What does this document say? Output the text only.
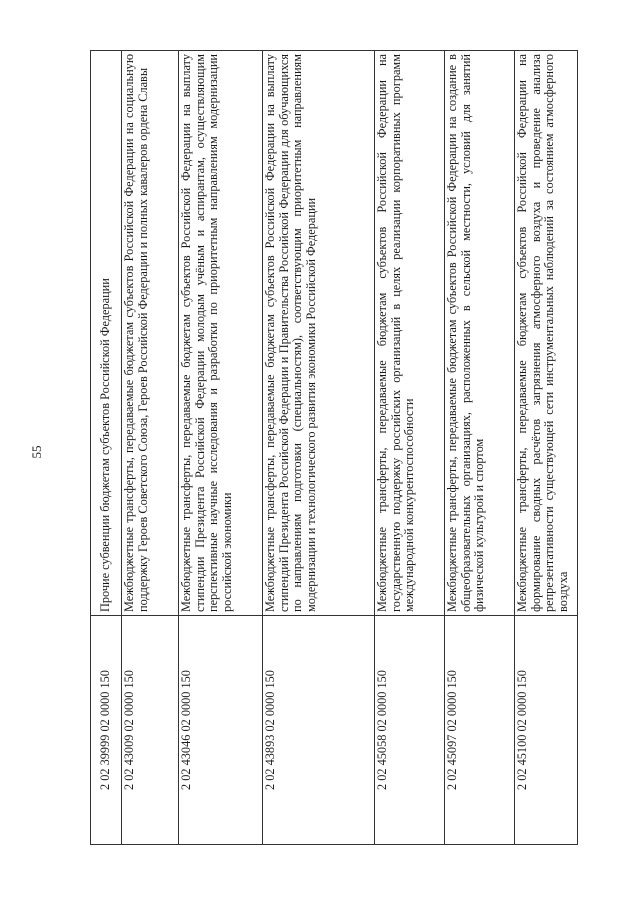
55
2 02 39999 02 0000 150	Прочие субвенции бюджетам субъектов Российской Федерации
2 02 43009 02 0000 150	Межбюджетные трансферты, передаваемые бюджетам субъектов Российской Федерации на социальную поддержку Героев Советского Союза, Героев Российской Федерации и полных кавалеров ордена Славы
2 02 43046 02 0000 150	Межбюджетные трансферты, передаваемые бюджетам субъектов Российской Федерации на выплату стипендии Президента Российской Федерации молодым учёным и аспирантам, осуществляющим перспективные научные исследования и разработки по приоритетным направлениям модернизации российской экономики
2 02 43893 02 0000 150	Межбюджетные трансферты, передаваемые бюджетам субъектов Российской Федерации на выплату стипендий Президента Российской Федерации и Правительства Российской Федерации для обучающихся по направлениям подготовки (специальностям), соответствующим приоритетным направлениям модернизации и технологического развития экономики Российской Федерации
2 02 45058 02 0000 150	Межбюджетные трансферты, передаваемые бюджетам субъектов Российской Федерации на государственную поддержку российских организаций в целях реализации корпоративных программ международной конкурентоспособности
2 02 45097 02 0000 150	Межбюджетные трансферты, передаваемые бюджетам субъектов Российской Федерации на создание в общеобразовательных организациях, расположенных в сельской местности, условий для занятий физической культурой и спортом
2 02 45100 02 0000 150	Межбюджетные трансферты, передаваемые бюджетам субъектов Российской Федерации на формирование сводных расчётов загрязнения атмосферного воздуха и проведение анализа репрезентативности существующей сети инструментальных наблюдений за состоянием атмосферного воздуха
